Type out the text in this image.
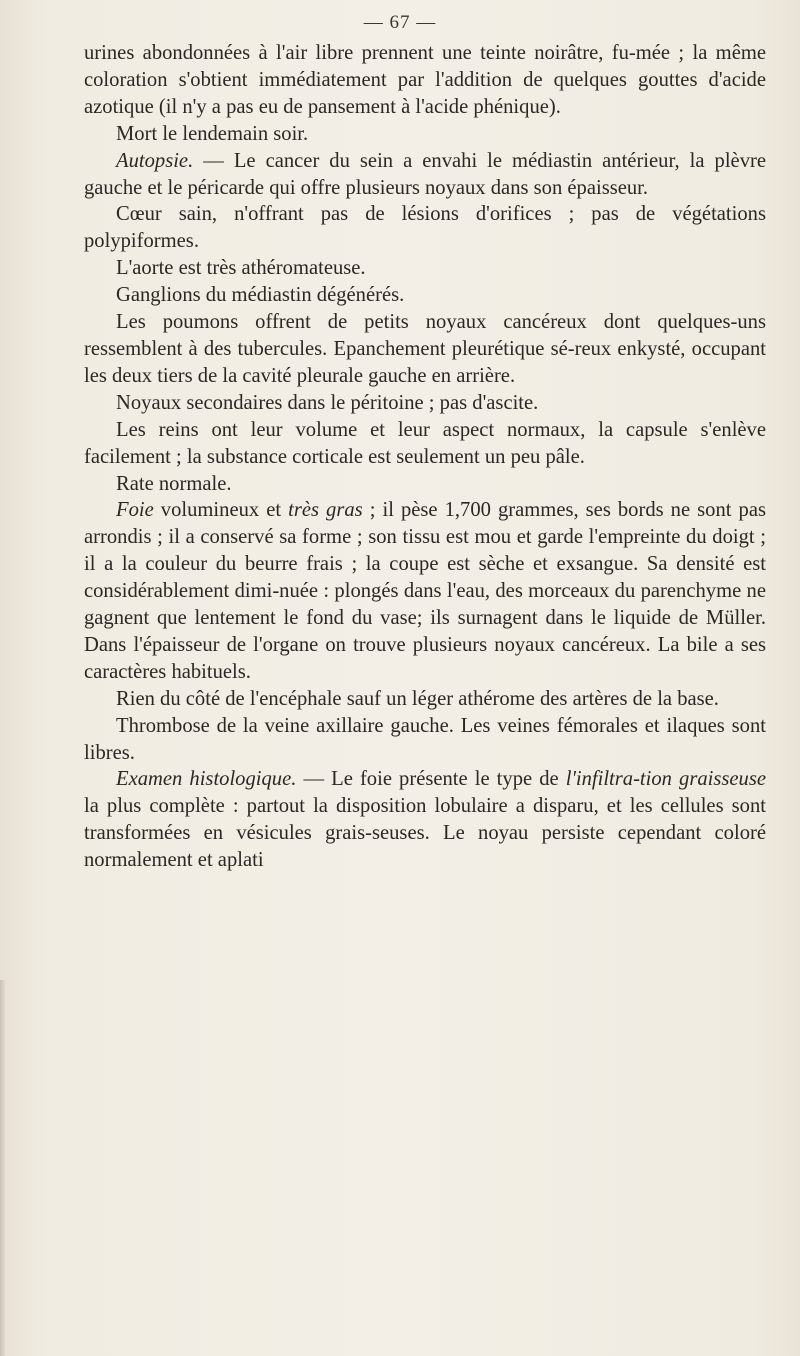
— 67 —

urines abondonnées à l'air libre prennent une teinte noirâtre, fu-mée ; la même coloration s'obtient immédiatement par l'addition de quelques gouttes d'acide azotique (il n'y a pas eu de pansement à l'acide phénique).

Mort le lendemain soir.

Autopsie. — Le cancer du sein a envahi le médiastin antérieur, la plèvre gauche et le péricarde qui offre plusieurs noyaux dans son épaisseur.

Cœur sain, n'offrant pas de lésions d'orifices ; pas de végétations polypiformes.

L'aorte est très athéromateuse.

Ganglions du médiastin dégénérés.

Les poumons offrent de petits noyaux cancéreux dont quelques-uns ressemblent à des tubercules. Epanchement pleurétique sé-reux enkysté, occupant les deux tiers de la cavité pleurale gauche en arrière.

Noyaux secondaires dans le péritoine ; pas d'ascite.

Les reins ont leur volume et leur aspect normaux, la capsule s'enlève facilement ; la substance corticale est seulement un peu pâle.

Rate normale.

Foie volumineux et très gras ; il pèse 1,700 grammes, ses bords ne sont pas arrondis ; il a conservé sa forme ; son tissu est mou et garde l'empreinte du doigt ; il a la couleur du beurre frais ; la coupe est sèche et exsangue. Sa densité est considérablement dimi-nuée : plongés dans l'eau, des morceaux du parenchyme ne gagnent que lentement le fond du vase; ils surnagent dans le liquide de Müller. Dans l'épaisseur de l'organe on trouve plusieurs noyaux cancéreux. La bile a ses caractères habituels.

Rien du côté de l'encéphale sauf un léger athérome des artères de la base.

Thrombose de la veine axillaire gauche. Les veines fémorales et ilaques sont libres.

Examen histologique. — Le foie présente le type de l'infiltra-tion graisseuse la plus complète : partout la disposition lobulaire a disparu, et les cellules sont transformées en vésicules grais-seuses. Le noyau persiste cependant coloré normalement et aplati
